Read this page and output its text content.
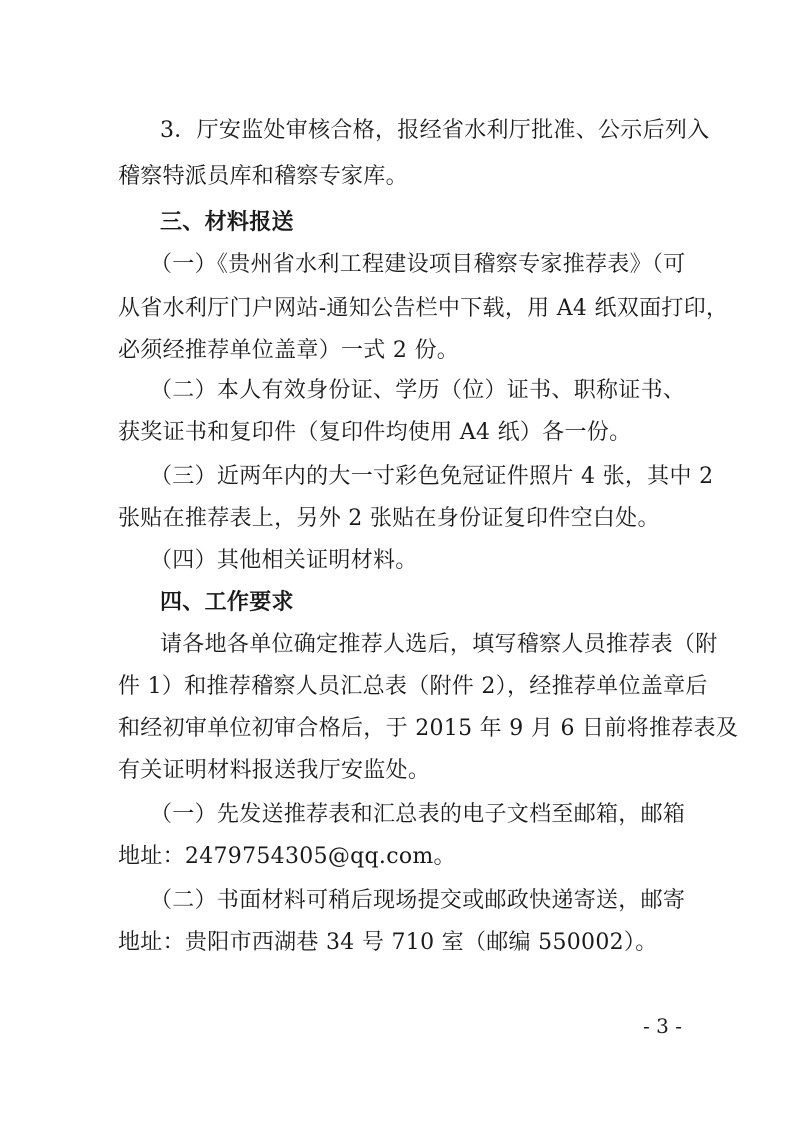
3．厅安监处审核合格，报经省水利厅批准、公示后列入
稽察特派员库和稽察专家库。
三、材料报送
（一）《贵州省水利工程建设项目稽察专家推荐表》（可
从省水利厅门户网站-通知公告栏中下载，用 A4 纸双面打印，
必须经推荐单位盖章）一式 2 份。
（二）本人有效身份证、学历（位）证书、职称证书、
获奖证书和复印件（复印件均使用 A4 纸）各一份。
（三）近两年内的大一寸彩色免冠证件照片 4 张，其中 2
张贴在推荐表上，另外 2 张贴在身份证复印件空白处。
（四）其他相关证明材料。
四、工作要求
请各地各单位确定推荐人选后，填写稽察人员推荐表（附
件 1）和推荐稽察人员汇总表（附件 2），经推荐单位盖章后
和经初审单位初审合格后，于 2015 年 9 月 6 日前将推荐表及
有关证明材料报送我厅安监处。
（一）先发送推荐表和汇总表的电子文档至邮箱，邮箱
地址：2479754305@qq.com。
（二）书面材料可稍后现场提交或邮政快递寄送，邮寄
地址：贵阳市西湖巷 34 号 710 室（邮编 550002）。
- 3 -
